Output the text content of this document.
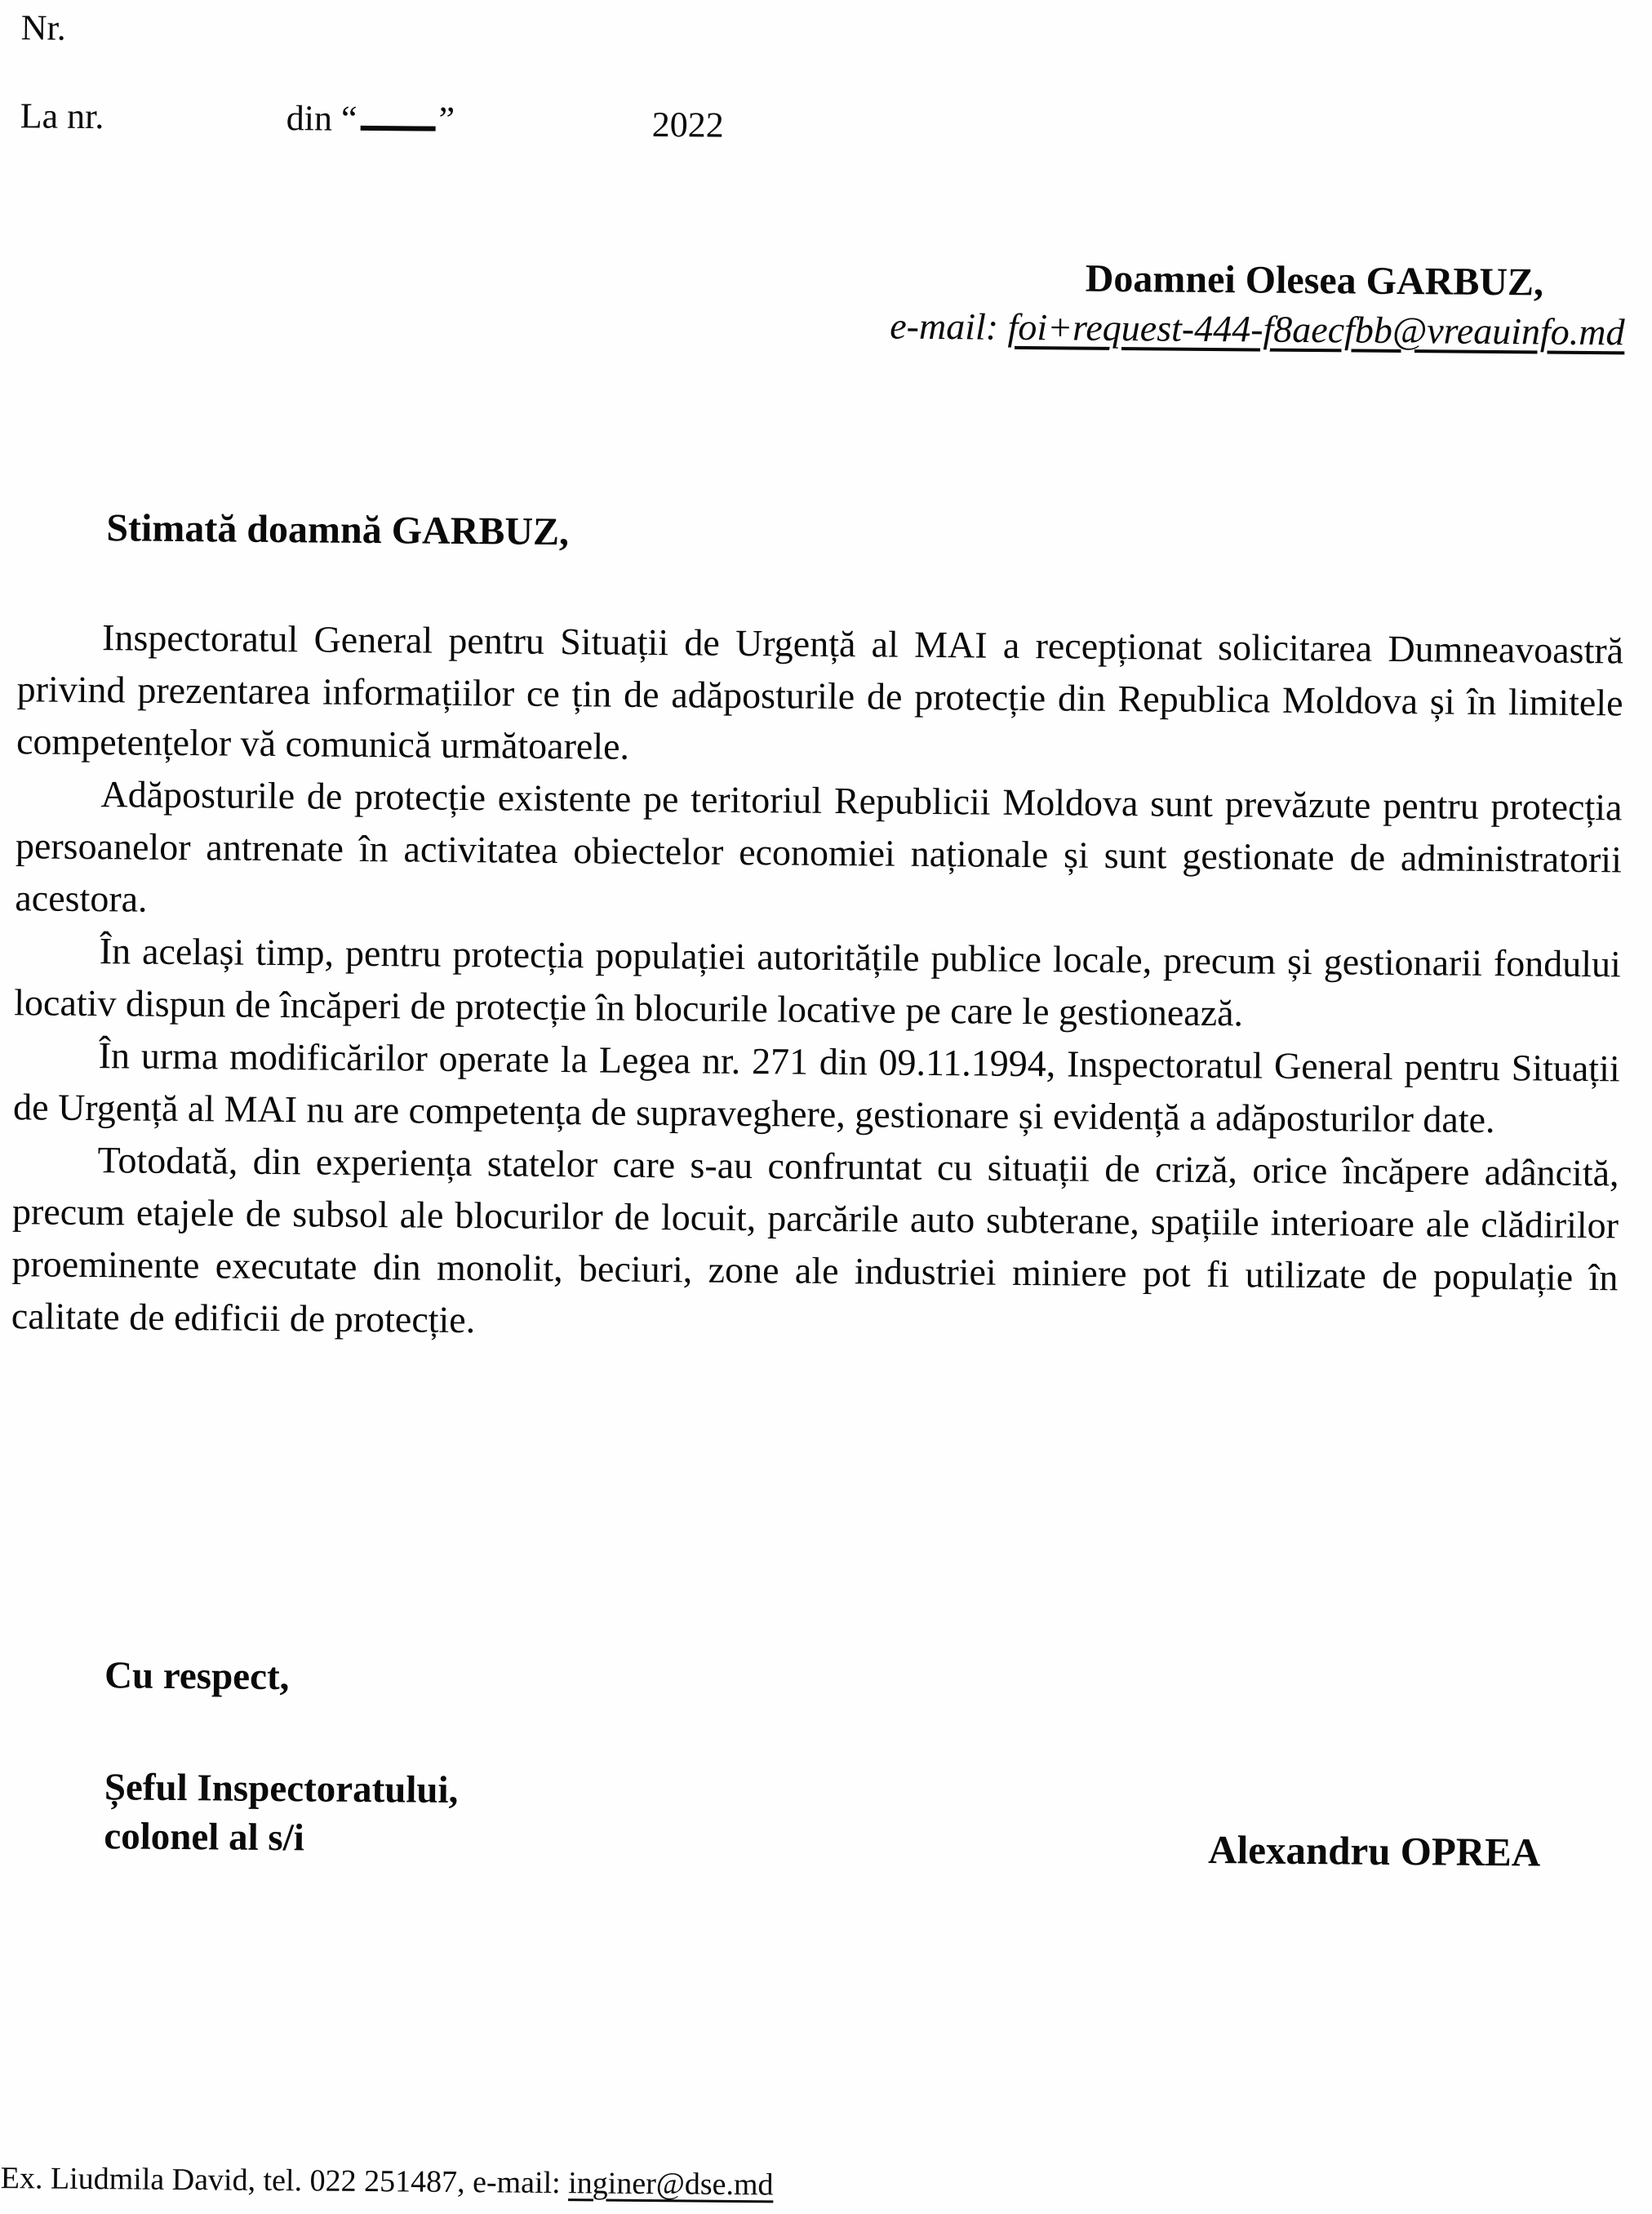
Nr.
La nr.	din “ ”	2022
Doamnei Olesea GARBUZ,
e-mail: foi+request-444-f8aecfbb@vreauinfo.md
Stimată doamnă GARBUZ,

Inspectoratul General pentru Situații de Urgență al MAI a recepționat solicitarea Dumneavoastră privind prezentarea informațiilor ce țin de adăposturile de protecție din Republica Moldova și în limitele competențelor vă comunică următoarele.

Adăposturile de protecție existente pe teritoriul Republicii Moldova sunt prevăzute pentru protecția persoanelor antrenate în activitatea obiectelor economiei naționale și sunt gestionate de administratorii acestora.

În același timp, pentru protecția populației autoritățile publice locale, precum și gestionarii fondului locativ dispun de încăperi de protecție în blocurile locative pe care le gestionează.

În urma modificărilor operate la Legea nr. 271 din 09.11.1994, Inspectoratul General pentru Situații de Urgență al MAI nu are competența de supraveghere, gestionare și evidență a adăposturilor date.

Totodată, din experiența statelor care s-au confruntat cu situații de criză, orice încăpere adâncită, precum etajele de subsol ale blocurilor de locuit, parcările auto subterane, spațiile interioare ale clădirilor proeminente executate din monolit, beciuri, zone ale industriei miniere pot fi utilizate de populație în calitate de edificii de protecție.

Cu respect,
Șeful Inspectoratului,
colonel al s/i	Alexandru OPREA
Ex. Liudmila David, tel. 022 251487, e-mail: inginer@dse.md
